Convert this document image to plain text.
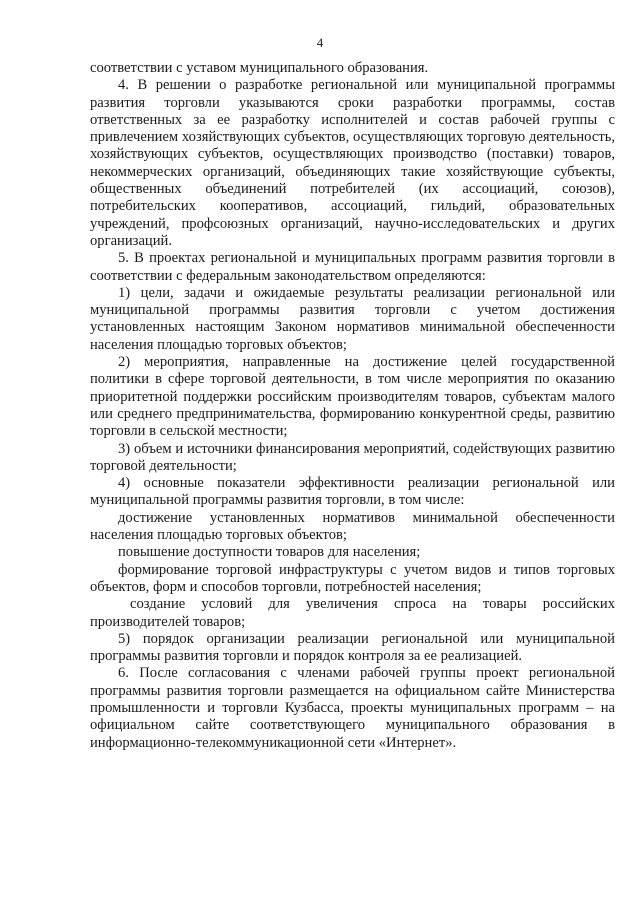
4

соответствии с уставом муниципального образования.

4. В решении о разработке региональной или муниципальной программы развития торговли указываются сроки разработки программы, состав ответственных за ее разработку исполнителей и состав рабочей группы с привлечением хозяйствующих субъектов, осуществляющих торговую деятельность, хозяйствующих субъектов, осуществляющих производство (поставки) товаров, некоммерческих организаций, объединяющих такие хозяйствующие субъекты, общественных объединений потребителей (их ассоциаций, союзов), потребительских кооперативов, ассоциаций, гильдий, образовательных учреждений, профсоюзных организаций, научно-исследовательских и других организаций.

5. В проектах региональной и муниципальных программ развития торговли в соответствии с федеральным законодательством определяются:

1) цели, задачи и ожидаемые результаты реализации региональной или муниципальной программы развития торговли с учетом достижения установленных настоящим Законом нормативов минимальной обеспеченности населения площадью торговых объектов;

2) мероприятия, направленные на достижение целей государственной политики в сфере торговой деятельности, в том числе мероприятия по оказанию приоритетной поддержки российским производителям товаров, субъектам малого или среднего предпринимательства, формированию конкурентной среды, развитию торговли в сельской местности;

3) объем и источники финансирования мероприятий, содействующих развитию торговой деятельности;

4) основные показатели эффективности реализации региональной или муниципальной программы развития торговли, в том числе:

достижение установленных нормативов минимальной обеспеченности населения площадью торговых объектов;

повышение доступности товаров для населения;

формирование торговой инфраструктуры с учетом видов и типов торговых объектов, форм и способов торговли, потребностей населения;

создание условий для увеличения спроса на товары российских производителей товаров;

5) порядок организации реализации региональной или муниципальной программы развития торговли и порядок контроля за ее реализацией.

6. После согласования с членами рабочей группы проект региональной программы развития торговли размещается на официальном сайте Министерства промышленности и торговли Кузбасса, проекты муниципальных программ – на официальном сайте соответствующего муниципального образования в информационно-телекоммуникационной сети «Интернет».
